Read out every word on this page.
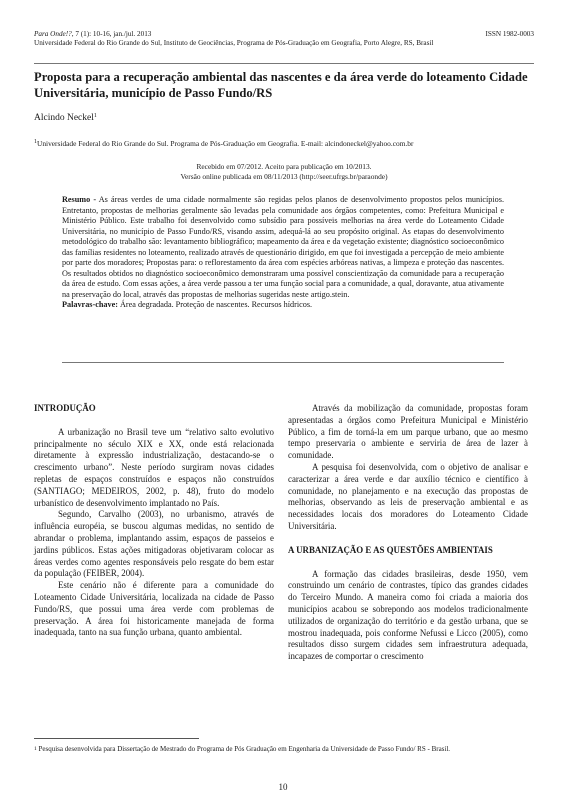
Para Onde!?, 7 (1): 10-16, jan./jul. 2013	ISSN 1982-0003
Universidade Federal do Rio Grande do Sul, Instituto de Geociências, Programa de Pós-Graduação em Geografia, Porto Alegre, RS, Brasil
Proposta para a recuperação ambiental das nascentes e da área verde do loteamento Cidade Universitária, município de Passo Fundo/RS
Alcindo Neckel$^1$
$^1$Universidade Federal do Rio Grande do Sul. Programa de Pós-Graduação em Geografia. E-mail: alcindoneckel@yahoo.com.br
Recebido em 07/2012. Aceito para publicação em 10/2013.
Versão online publicada em 08/11/2013 (http://seer.ufrgs.br/paraonde)

Resumo - As áreas verdes de uma cidade normalmente são regidas pelos planos de desenvolvimento propostos pelos municípios. Entretanto, propostas de melhorias geralmente são levadas pela comunidade aos órgãos competentes, como: Prefeitura Municipal e Ministério Público. Este trabalho foi desenvolvido como subsídio para possíveis melhorias na área verde do Loteamento Cidade Universitária, no município de Passo Fundo/RS, visando assim, adequá-lá ao seu propósito original. As etapas do desenvolvimento metodológico do trabalho são: levantamento bibliográfico; mapeamento da área e da vegetação existente; diagnóstico socioeconômico das famílias residentes no loteamento, realizado através de questionário dirigido, em que foi investigada a percepção de meio ambiente por parte dos moradores; Propostas para: o reflorestamento da área com espécies arbóreas nativas, a limpeza e proteção das nascentes. Os resultados obtidos no diagnóstico socioeconômico demonstraram uma possível conscientização da comunidade para a recuperação da área de estudo. Com essas ações, a área verde passou a ter uma função social para a comunidade, a qual, doravante, atua ativamente na preservação do local, através das propostas de melhorias sugeridas neste artigo.stein.

Palavras-chave: Área degradada. Proteção de nascentes. Recursos hídricos.

INTRODUÇÃO

A urbanização no Brasil teve um “relativo salto evolutivo principalmente no século XIX e XX, onde está relacionada diretamente à expressão industrialização, destacando-se o crescimento urbano”. Neste período surgiram novas cidades repletas de espaços construídos e espaços não construídos (SANTIAGO; MEDEIROS, 2002, p. 48), fruto do modelo urbanístico de desenvolvimento implantado no País.

Segundo, Carvalho (2003), no urbanismo, através de influência européia, se buscou algumas medidas, no sentido de abrandar o problema, implantando assim, espaços de passeios e jardins públicos. Estas ações mitigadoras objetivaram colocar as áreas verdes como agentes responsáveis pelo resgate do bem estar da população (FEIBER, 2004).

Este cenário não é diferente para a comunidade do Loteamento Cidade Universitária, localizada na cidade de Passo Fundo/RS, que possui uma área verde com problemas de preservação. A área foi historicamente manejada de forma inadequada, tanto na sua função urbana, quanto ambiental.

Através da mobilização da comunidade, propostas foram apresentadas a órgãos como Prefeitura Municipal e Ministério Público, a fim de torná-la em um parque urbano, que ao mesmo tempo preservaria o ambiente e serviria de área de lazer à comunidade.

A pesquisa foi desenvolvida, com o objetivo de analisar e caracterizar a área verde e dar auxílio técnico e científico à comunidade, no planejamento e na execução das propostas de melhorias, observando as leis de preservação ambiental e as necessidades locais dos moradores do Loteamento Cidade Universitária.

A URBANIZAÇÃO E AS QUESTÕES AMBIENTAIS

A formação das cidades brasileiras, desde 1950, vem construindo um cenário de contrastes, típico das grandes cidades do Terceiro Mundo. A maneira como foi criada a maioria dos municípios acabou se sobrepondo aos modelos tradicionalmente utilizados de organização do território e da gestão urbana, que se mostrou inadequada, pois conforme Nefussi e Licco (2005), como resultados disso surgem cidades sem infraestrutura adequada, incapazes de comportar o crescimento

$^1$ Pesquisa desenvolvida para Dissertação de Mestrado do Programa de Pós Graduação em Engenharia da Universidade de Passo Fundo/ RS - Brasil.
10
